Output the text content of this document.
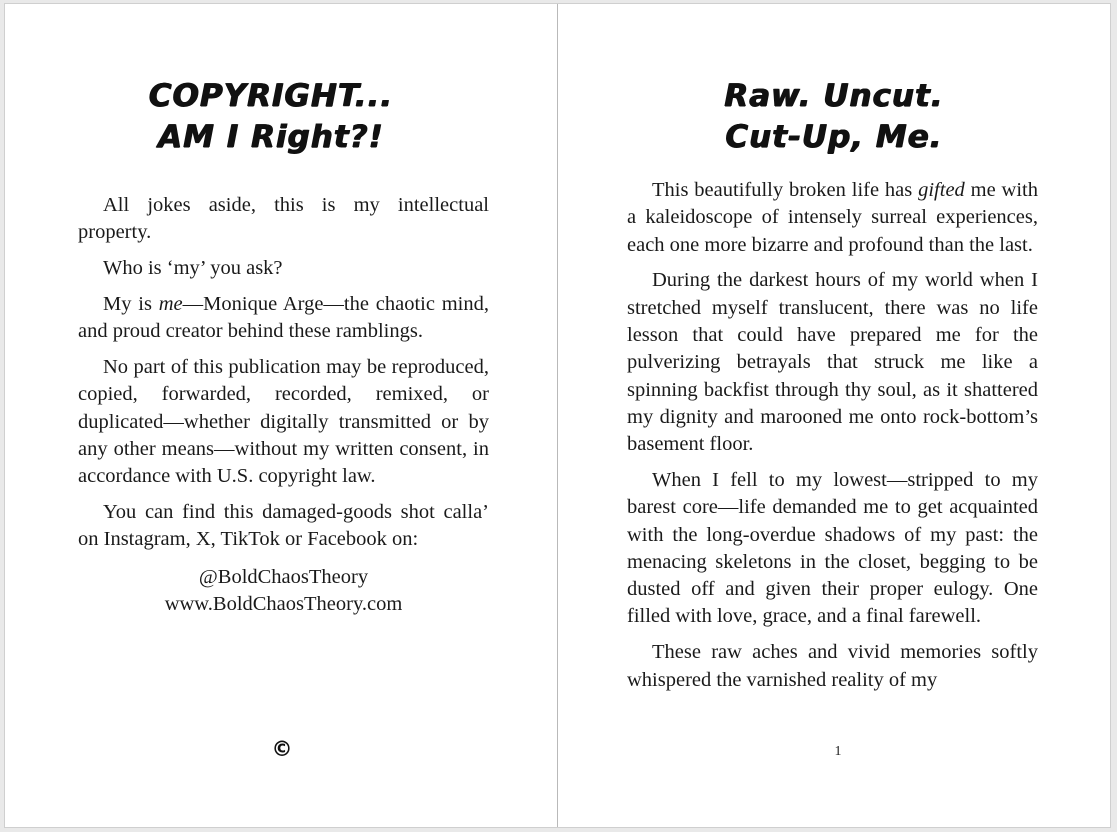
COPYRIGHT...
AM I Right?!

All jokes aside, this is my intellectual property.

Who is ‘my’ you ask?

My is me—Monique Arge—the chaotic mind, and proud creator behind these ramblings.

No part of this publication may be reproduced, copied, forwarded, recorded, remixed, or duplicated—whether digitally transmitted or by any other means—without my written consent, in accordance with U.S. copyright law.

You can find this damaged-goods shot calla’ on Instagram, X, TikTok or Facebook on:

@BoldChaosTheory
www.BoldChaosTheory.com
©
Raw. Uncut.
Cut-Up, Me.

This beautifully broken life has gifted me with a kaleidoscope of intensely surreal experiences, each one more bizarre and profound than the last.

During the darkest hours of my world when I stretched myself translucent, there was no life lesson that could have prepared me for the pulverizing betrayals that struck me like a spinning backfist through thy soul, as it shattered my dignity and marooned me onto rock-bottom’s basement floor.

When I fell to my lowest—stripped to my barest core—life demanded me to get acquainted with the long-overdue shadows of my past: the menacing skeletons in the closet, begging to be dusted off and given their proper eulogy. One filled with love, grace, and a final farewell.

These raw aches and vivid memories softly whispered the varnished reality of my

1
